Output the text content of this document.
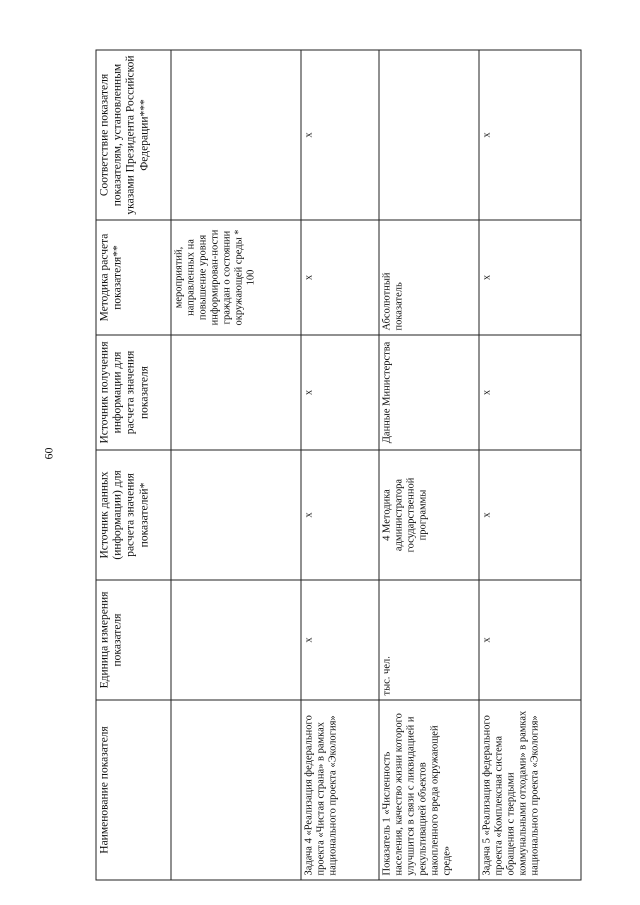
60
Наименование показателя	Единица измерения показателя	Источник данных (информации) для расчета значения показателей*	Источник получения информации для расчета значения показателя	Методика расчета показателя**	Соответствие показателя показателям, установленным указами Президента Российской Федерации***
				мероприятий, направленных на повышение уровня информирован-ности граждан о состоянии окружающей среды * 100	
Задача 4 «Реализация федерального проекта «Чистая страна» в рамках национального проекта «Экология»	х	х	х	х	х
Показатель 1 «Численность населения, качество жизни которого улучшится в связи с ликвидацией и рекультивацией объектов накопленного вреда окружающей среде»	тыс. чел.	4 Методика администратора государственной программы	Данные Министерства	Абсолютный показатель	
Задача 5 «Реализация федерального проекта «Комплексная система обращения с твердыми коммунальными отходами» в рамках национального проекта «Экология»	х	х	х	х	х
